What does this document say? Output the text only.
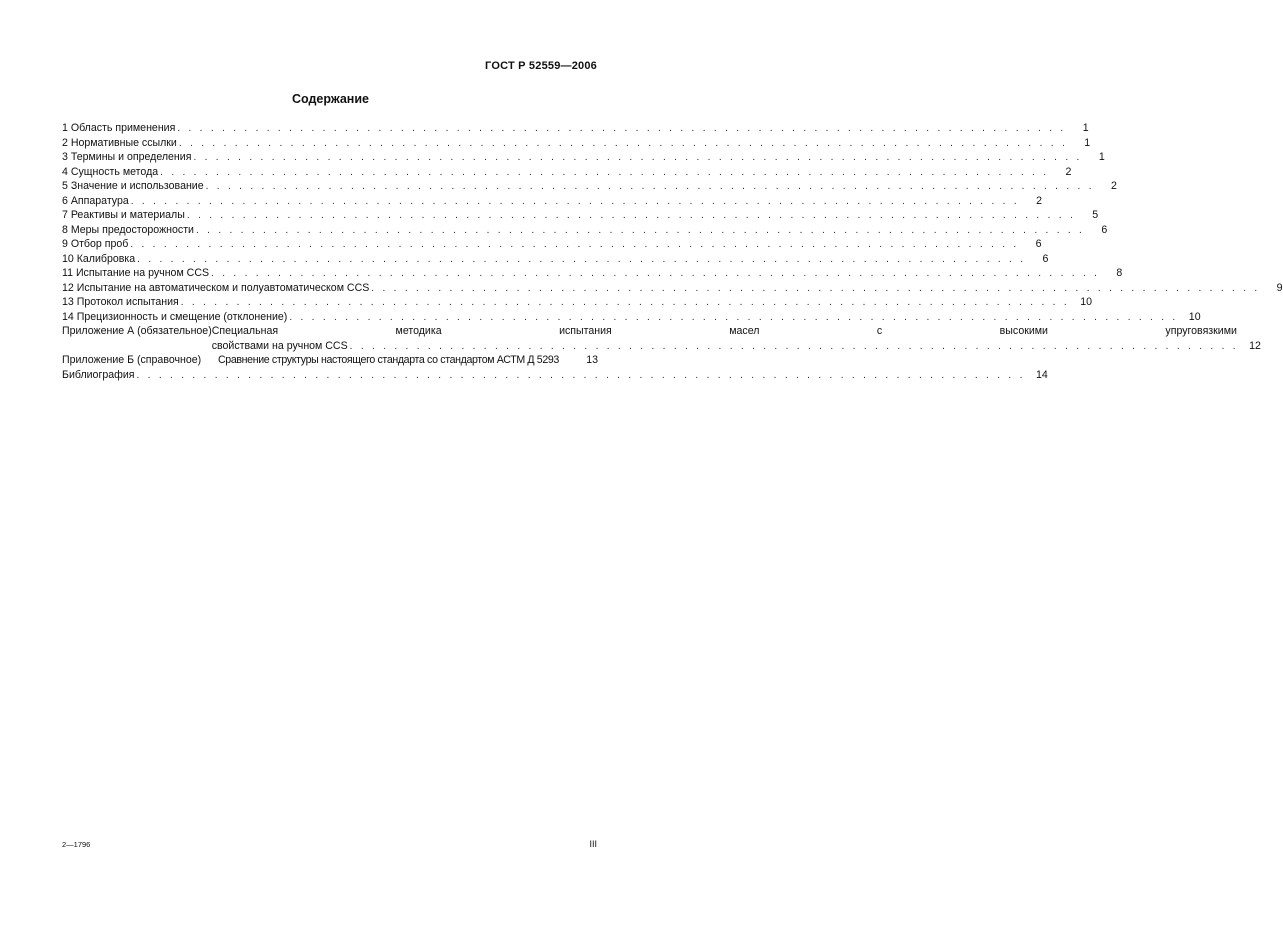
ГОСТ Р 52559—2006
Содержание
1 Область применения ................................................................................	1
2 Нормативные ссылки ................................................................................	1
3 Термины и определения ................................................................................	1
4 Сущность метода ................................................................................	2
5 Значение и использование ................................................................................	2
6 Аппаратура ................................................................................	2
7 Реактивы и материалы ................................................................................	5
8 Меры предосторожности ................................................................................	6
9 Отбор проб ................................................................................	6
10 Калибровка ................................................................................	6
11 Испытание на ручном CCS ................................................................................	8
12 Испытание на автоматическом и полуавтоматическом CCS ................................................................................	9
13 Протокол испытания ................................................................................ 10
14 Прецизионность и смещение (отклонение) ................................................................................ 10
Приложение А (обязательное) Специальная методика испытания масел с высокими упруговязкими
свойствами на ручном CCS ................................................................................ 12
Приложение Б (справочное)	Сравнение структуры настоящего стандарта со стандартом АСТМ Д 5293	13
Библиография ................................................................................ 14
2—1796	III
